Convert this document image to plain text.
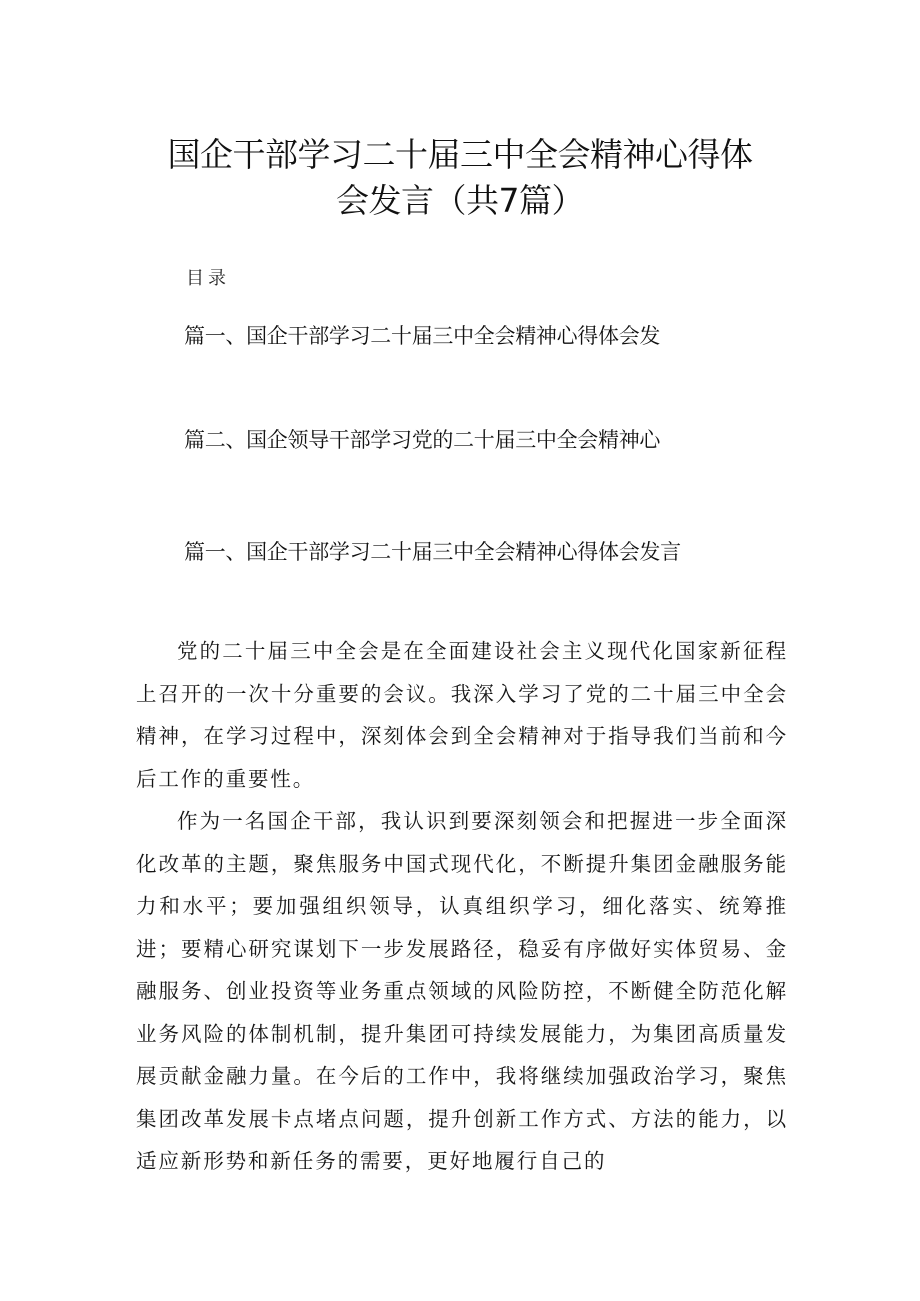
国企干部学习二十届三中全会精神心得体
会发言（共7篇）
目录
篇一、国企干部学习二十届三中全会精神心得体会发
篇二、国企领导干部学习党的二十届三中全会精神心
篇一、国企干部学习二十届三中全会精神心得体会发言

党的二十届三中全会是在全面建设社会主义现代化国家新征程上召开的一次十分重要的会议。我深入学习了党的二十届三中全会精神，在学习过程中，深刻体会到全会精神对于指导我们当前和今后工作的重要性。

作为一名国企干部，我认识到要深刻领会和把握进一步全面深化改革的主题，聚焦服务中国式现代化，不断提升集团金融服务能力和水平；要加强组织领导，认真组织学习，细化落实、统筹推进；要精心研究谋划下一步发展路径，稳妥有序做好实体贸易、金融服务、创业投资等业务重点领域的风险防控，不断健全防范化解业务风险的体制机制，提升集团可持续发展能力，为集团高质量发展贡献金融力量。在今后的工作中，我将继续加强政治学习，聚焦集团改革发展卡点堵点问题，提升创新工作方式、方法的能力，以适应新形势和新任务的需要，更好地履行自己的
